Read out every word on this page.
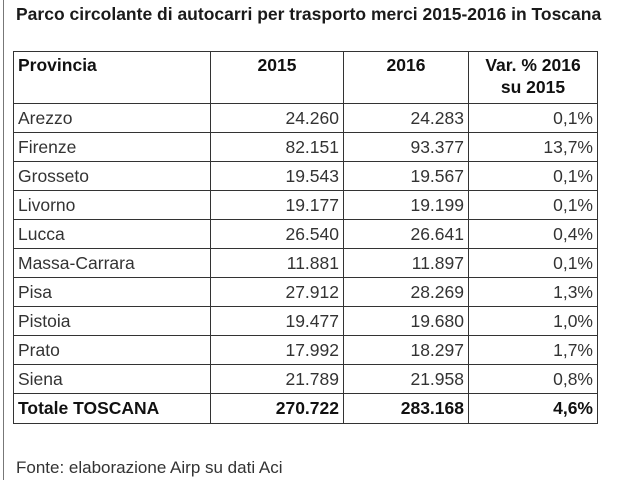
Parco circolante di autocarri per trasporto merci 2015-2016 in Toscana
Provincia	2015	2016	Var. % 2016
su 2015
Arezzo	24.260	24.283	0,1%
Firenze	82.151	93.377	13,7%
Grosseto	19.543	19.567	0,1%
Livorno	19.177	19.199	0,1%
Lucca	26.540	26.641	0,4%
Massa-Carrara	11.881	11.897	0,1%
Pisa	27.912	28.269	1,3%
Pistoia	19.477	19.680	1,0%
Prato	17.992	18.297	1,7%
Siena	21.789	21.958	0,8%
Totale TOSCANA	270.722	283.168	4,6%
Fonte: elaborazione Airp su dati Aci
